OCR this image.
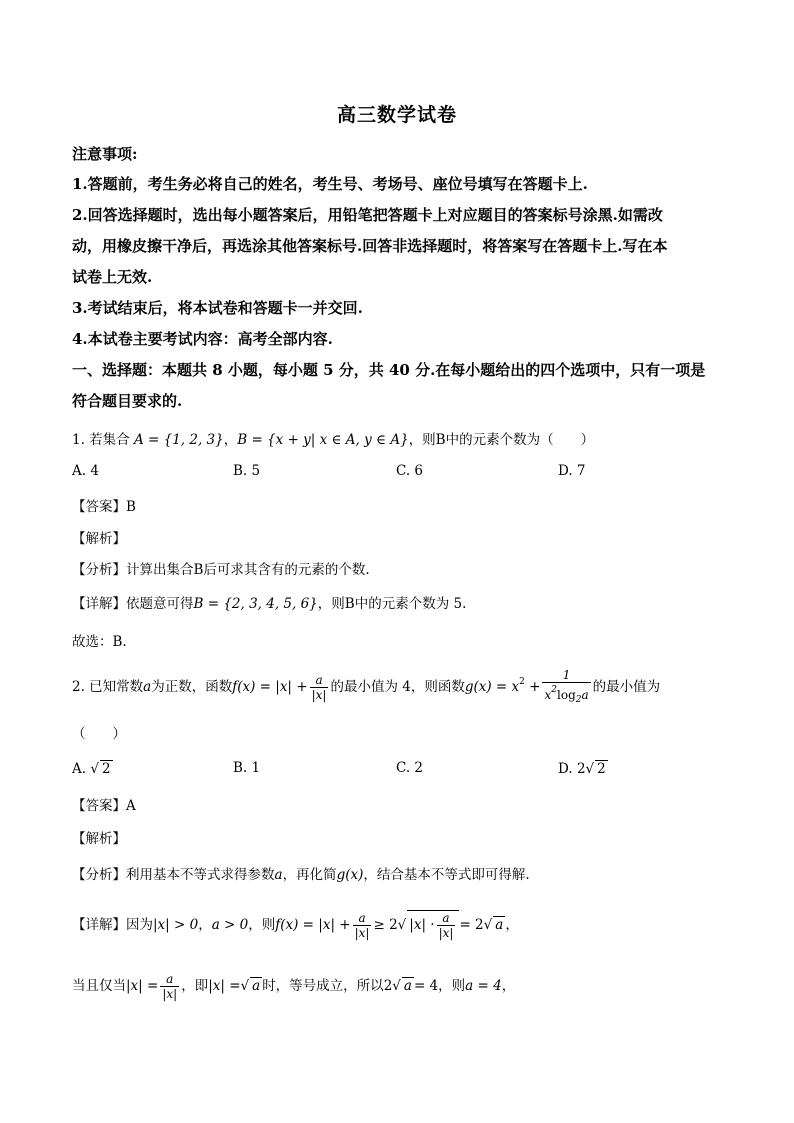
高三数学试卷
注意事项:
1.答题前，考生务必将自己的姓名，考生号、考场号、座位号填写在答题卡上.
2.回答选择题时，选出每小题答案后，用铅笔把答题卡上对应题目的答案标号涂黑.如需改
动，用橡皮擦干净后，再选涂其他答案标号.回答非选择题时，将答案写在答题卡上.写在本
试卷上无效.
3.考试结束后，将本试卷和答题卡一并交回.
4.本试卷主要考试内容：高考全部内容.
一、选择题：本题共 8 小题，每小题 5 分，共 40 分.在每小题给出的四个选项中，只有一项是
符合题目要求的.
1. 若集合 A = {1, 2, 3}，B = {x + y| x ∈ A, y ∈ A}，则B中的元素个数为（　　）
A. 4	B. 5	C. 6	D. 7
【答案】B
【解析】
【分析】计算出集合B后可求其含有的元素的个数.
【详解】依题意可得B = {2, 3, 4, 5, 6}，则B中的元素个数为 5.
故选：B.
2. 已知常数a为正数，函数$f(x) = |x| + \frac{a}{|x|}$ 的最小值为 4，则函数$g(x) = x^2 + \frac{1}{x^2\log_2a}$ 的最小值为
（　　）
A. √ 2	B. 1	C. 2	D. 2√ 2
【答案】A
【解析】
【分析】利用基本不等式求得参数a，再化简g(x)，结合基本不等式即可得解.
【详解】因为|x| > 0，a > 0，则$f(x) = |x| + \frac{a}{|x|} \ge 2√$ $|x| \cdot \frac{a}{|x|} = 2√$ a ，
当且仅当$|x| = \frac{a}{|x|}$ ，即|x| =√ a 时，等号成立，所以2√ a = 4，则a = 4，
